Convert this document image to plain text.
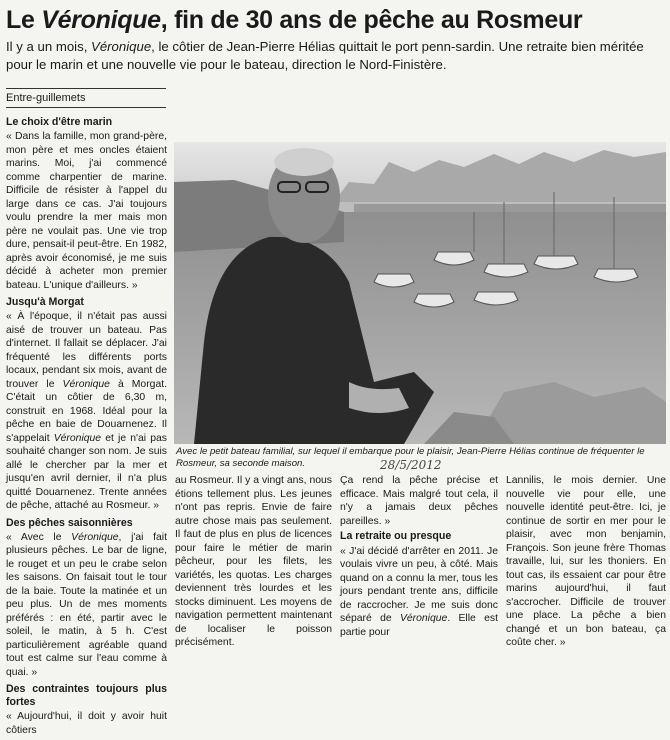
Le Véronique, fin de 30 ans de pêche au Rosmeur
Il y a un mois, Véronique, le côtier de Jean-Pierre Hélias quittait le port penn-sardin. Une retraite bien méritée pour le marin et une nouvelle vie pour le bateau, direction le Nord-Finistère.
Entre-guillemets
Le choix d'être marin

« Dans la famille, mon grand-père, mon père et mes oncles étaient marins. Moi, j'ai commencé comme charpentier de marine. Difficile de résister à l'appel du large dans ce cas. J'ai toujours voulu prendre la mer mais mon père ne voulait pas. Une vie trop dure, pensait-il peut-être. En 1982, après avoir économisé, je me suis décidé à acheter mon premier bateau. L'unique d'ailleurs. »

Jusqu'à Morgat

« À l'époque, il n'était pas aussi aisé de trouver un bateau. Pas d'internet. Il fallait se déplacer. J'ai fréquenté les différents ports locaux, pendant six mois, avant de trouver le Véronique à Morgat. C'était un côtier de 6,30 m, construit en 1968. Idéal pour la pêche en baie de Douarnenez. Il s'appelait Véronique et je n'ai pas souhaité changer son nom. Je suis allé le chercher par la mer et jusqu'en avril dernier, il n'a plus quitté Douarnenez. Trente années de pêche, attaché au Rosmeur. »

Des pêches saisonnières

« Avec le Véronique, j'ai fait plusieurs pêches. Le bar de ligne, le rouget et un peu le crabe selon les saisons. On faisait tout le tour de la baie. Toute la matinée et un peu plus. Un de mes moments préférés : en été, partir avec le soleil, le matin, à 5 h. C'est particulièrement agréable quand tout est calme sur l'eau comme à quai. »

Des contraintes toujours plus fortes

« Aujourd'hui, il doit y avoir huit côtiers

Avec le petit bateau familial, sur lequel il embarque pour le plaisir, Jean-Pierre Hélias continue de fréquenter le Rosmeur, sa seconde maison.	28/5/2012

au Rosmeur. Il y a vingt ans, nous étions tellement plus. Les jeunes n'ont pas repris. Envie de faire autre chose mais pas seulement. Il faut de plus en plus de licences pour faire le métier de marin pêcheur, pour les filets, les variétés, les quotas. Les charges deviennent très lourdes et les stocks diminuent. Les moyens de navigation permettent maintenant de localiser le poisson précisément.

Ça rend la pêche précise et efficace. Mais malgré tout cela, il n'y a jamais deux pêches pareilles. »

La retraite ou presque

« J'ai décidé d'arrêter en 2011. Je voulais vivre un peu, à côté. Mais quand on a connu la mer, tous les jours pendant trente ans, difficile de raccrocher. Je me suis donc séparé de Véronique. Elle est partie pour

Lannilis, le mois dernier. Une nouvelle vie pour elle, une nouvelle identité peut-être. Ici, je continue de sortir en mer pour le plaisir, avec mon benjamin, François. Son jeune frère Thomas travaille, lui, sur les thoniers. En tout cas, ils essaient car pour être marins aujourd'hui, il faut s'accrocher. Difficile de trouver une place. La pêche a bien changé et un bon bateau, ça coûte cher. »
